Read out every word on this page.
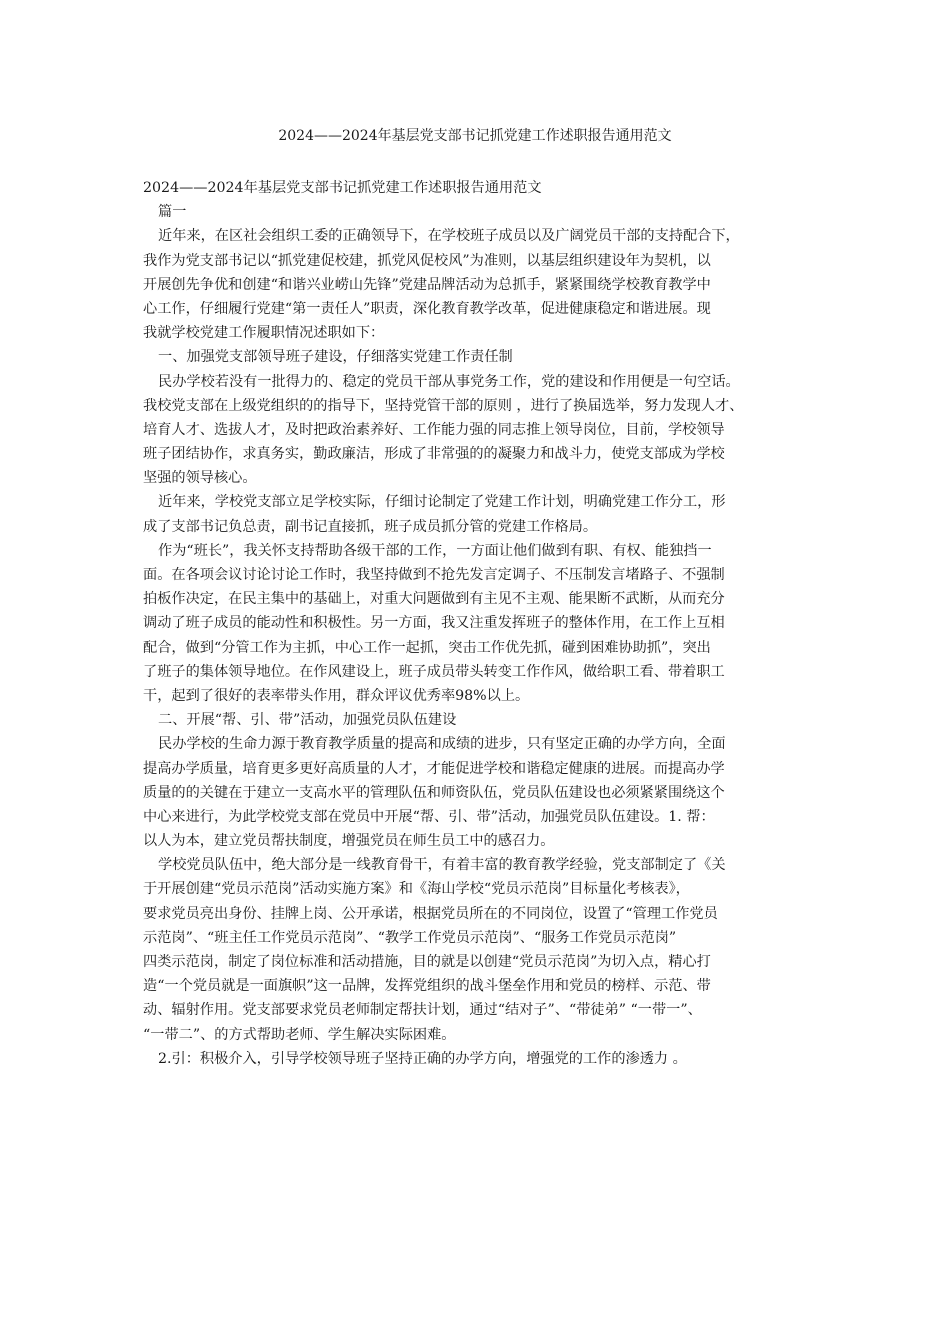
2024——2024年基层党支部书记抓党建工作述职报告通用范文
2024——2024年基层党支部书记抓党建工作述职报告通用范文
篇一
近年来，在区社会组织工委的正确领导下，在学校班子成员以及广阔党员干部的支持配合下，
我作为党支部书记以“抓党建促校建，抓党风促校风”为准则，以基层组织建设年为契机，以
开展创先争优和创建“和谐兴业崂山先锋”党建品牌活动为总抓手，紧紧围绕学校教育教学中
心工作，仔细履行党建“第一责任人”职责，深化教育教学改革，促进健康稳定和谐进展。现
我就学校党建工作履职情况述职如下：
一、加强党支部领导班子建设，仔细落实党建工作责任制
民办学校若没有一批得力的、稳定的党员干部从事党务工作，党的建设和作用便是一句空话。
我校党支部在上级党组织的的指导下，坚持党管干部的原则 ，进行了换届选举，努力发现人才、
培育人才、选拔人才，及时把政治素养好、工作能力强的同志推上领导岗位，目前，学校领导
班子团结协作，求真务实，勤政廉洁，形成了非常强的的凝聚力和战斗力，使党支部成为学校
坚强的领导核心。
近年来，学校党支部立足学校实际，仔细讨论制定了党建工作计划，明确党建工作分工，形
成了支部书记负总责，副书记直接抓，班子成员抓分管的党建工作格局。
作为“班长”，我关怀支持帮助各级干部的工作，一方面让他们做到有职、有权、能独挡一
面。在各项会议讨论讨论工作时，我坚持做到不抢先发言定调子、不压制发言堵路子、不强制
拍板作决定，在民主集中的基础上，对重大问题做到有主见不主观、能果断不武断，从而充分
调动了班子成员的能动性和积极性。另一方面，我又注重发挥班子的整体作用，在工作上互相
配合，做到“分管工作为主抓，中心工作一起抓，突击工作优先抓，碰到困难协助抓”，突出
了班子的集体领导地位。在作风建设上，班子成员带头转变工作作风，做给职工看、带着职工
干，起到了很好的表率带头作用，群众评议优秀率98%以上。
二、开展“帮、引、带”活动，加强党员队伍建设
民办学校的生命力源于教育教学质量的提高和成绩的进步，只有坚定正确的办学方向，全面
提高办学质量，培育更多更好高质量的人才，才能促进学校和谐稳定健康的进展。而提高办学
质量的的关键在于建立一支高水平的管理队伍和师资队伍，党员队伍建设也必须紧紧围绕这个
中心来进行，为此学校党支部在党员中开展“帮、引、带”活动，加强党员队伍建设。1. 帮：
以人为本，建立党员帮扶制度，增强党员在师生员工中的感召力。
学校党员队伍中，绝大部分是一线教育骨干，有着丰富的教育教学经验，党支部制定了《关
于开展创建“党员示范岗”活动实施方案》和《海山学校“党员示范岗”目标量化考核表》，
要求党员亮出身份、挂牌上岗、公开承诺，根据党员所在的不同岗位，设置了“管理工作党员
示范岗”、“班主任工作党员示范岗”、“教学工作党员示范岗”、“服务工作党员示范岗”
四类示范岗，制定了岗位标准和活动措施，目的就是以创建“党员示范岗”为切入点，精心打
造“一个党员就是一面旗帜”这一品牌，发挥党组织的战斗堡垒作用和党员的榜样、示范、带
动、辐射作用。党支部要求党员老师制定帮扶计划，通过“结对子”、“带徒弟” “一带一”、
“一带二”、的方式帮助老师、学生解决实际困难。
2.引：积极介入，引导学校领导班子坚持正确的办学方向，增强党的工作的渗透力 。
